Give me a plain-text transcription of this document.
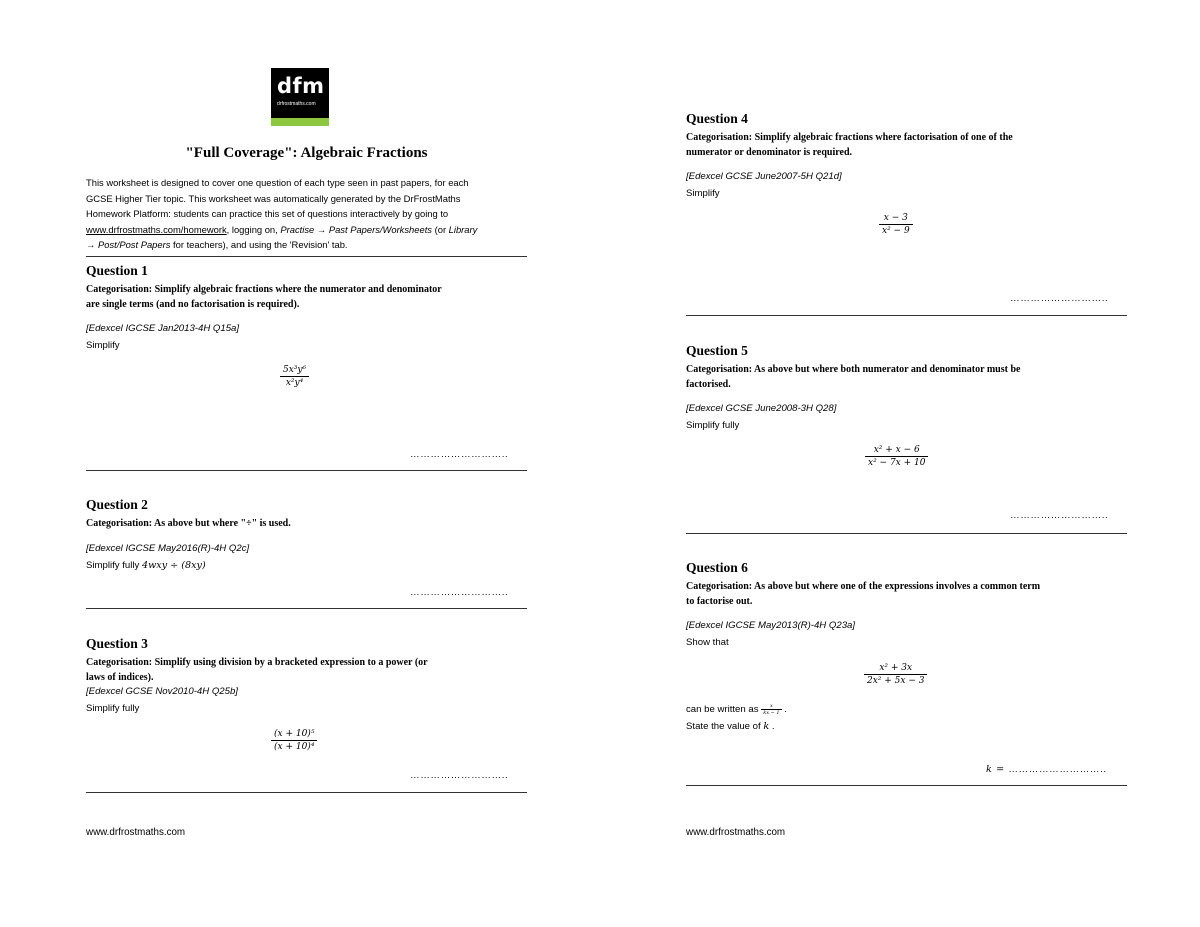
dfm
drfrostmaths.com
"Full Coverage": Algebraic Fractions
This worksheet is designed to cover one question of each type seen in past papers, for each
GCSE Higher Tier topic. This worksheet was automatically generated by the DrFrostMaths
Homework Platform: students can practice this set of questions interactively by going to
www.drfrostmaths.com/homework, logging on, Practise → Past Papers/Worksheets (or Library
→ Post/Post Papers for teachers), and using the 'Revision' tab.
Question 1
Categorisation: Simplify algebraic fractions where the numerator and denominator
are single terms (and no factorisation is required).
[Edexcel IGCSE Jan2013-4H Q15a]
Simplify
$\frac{\text{5x³y⁶}}{\text{x²y⁴}}$
………………………..
Question 2
Categorisation: As above but where "÷" is used.
[Edexcel IGCSE May2016(R)-4H Q2c]
Simplify fully 4wxy ÷ (8xy)
………………………..
Question 3
Categorisation: Simplify using division by a bracketed expression to a power (or
laws of indices).
[Edexcel GCSE Nov2010-4H Q25b]
Simplify fully
$\frac{\text{(x + 10)⁵}}{\text{(x + 10)⁴}}$
………………………..
www.drfrostmaths.com
Question 4
Categorisation: Simplify algebraic fractions where factorisation of one of the
numerator or denominator is required.
[Edexcel GCSE June2007-5H Q21d]
Simplify
$\frac{x - 3}{\text{x² − 9}}$
………………………..
Question 5
Categorisation: As above but where both numerator and denominator must be
factorised.
[Edexcel GCSE June2008-3H Q28]
Simplify fully
$\frac{\text{x² + x − 6}}{\text{x² − 7x + 10}}$
………………………..
Question 6
Categorisation: As above but where one of the expressions involves a common term
to factorise out.
[Edexcel IGCSE May2013(R)-4H Q23a]
Show that
$\frac{\text{x² + 3x}}{\text{2x² + 5x − 3}}$
can be written as $\frac{x}{kx - 1}$ .
State the value of k .
k = ………………………..
www.drfrostmaths.com
